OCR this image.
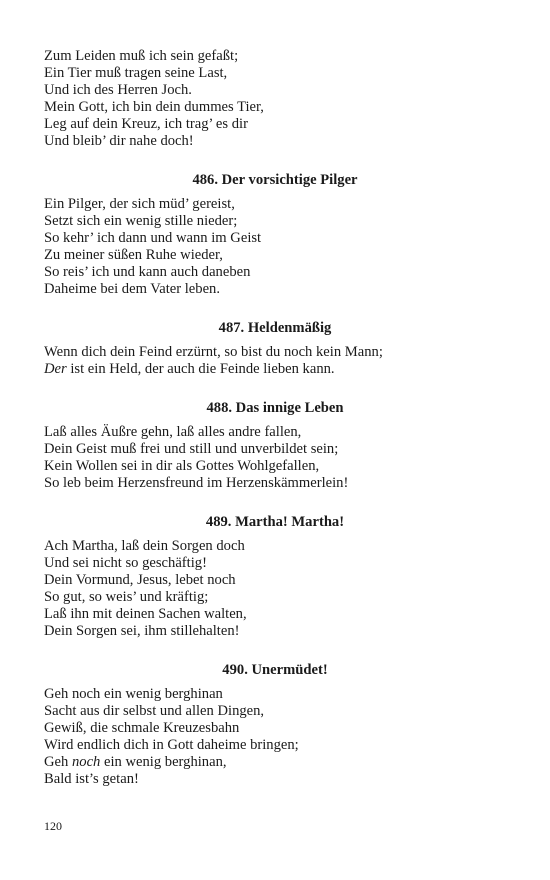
Zum Leiden muß ich sein gefaßt;
Ein Tier muß tragen seine Last,
Und ich des Herren Joch.
Mein Gott, ich bin dein dummes Tier,
Leg auf dein Kreuz, ich trag’ es dir
Und bleib’ dir nahe doch!
486. Der vorsichtige Pilger
Ein Pilger, der sich müd’ gereist,
Setzt sich ein wenig stille nieder;
So kehr’ ich dann und wann im Geist
Zu meiner süßen Ruhe wieder,
So reis’ ich und kann auch daneben
Daheime bei dem Vater leben.
487. Heldenmäßig
Wenn dich dein Feind erzürnt, so bist du noch kein Mann;
Der ist ein Held, der auch die Feinde lieben kann.
488. Das innige Leben
Laß alles Äußre gehn, laß alles andre fallen,
Dein Geist muß frei und still und unverbildet sein;
Kein Wollen sei in dir als Gottes Wohlgefallen,
So leb beim Herzensfreund im Herzenskämmerlein!
489. Martha! Martha!
Ach Martha, laß dein Sorgen doch
Und sei nicht so geschäftig!
Dein Vormund, Jesus, lebet noch
So gut, so weis’ und kräftig;
Laß ihn mit deinen Sachen walten,
Dein Sorgen sei, ihm stillehalten!
490. Unermüdet!
Geh noch ein wenig berghinan
Sacht aus dir selbst und allen Dingen,
Gewiß, die schmale Kreuzesbahn
Wird endlich dich in Gott daheime bringen;
Geh noch ein wenig berghinan,
Bald ist’s getan!
120
